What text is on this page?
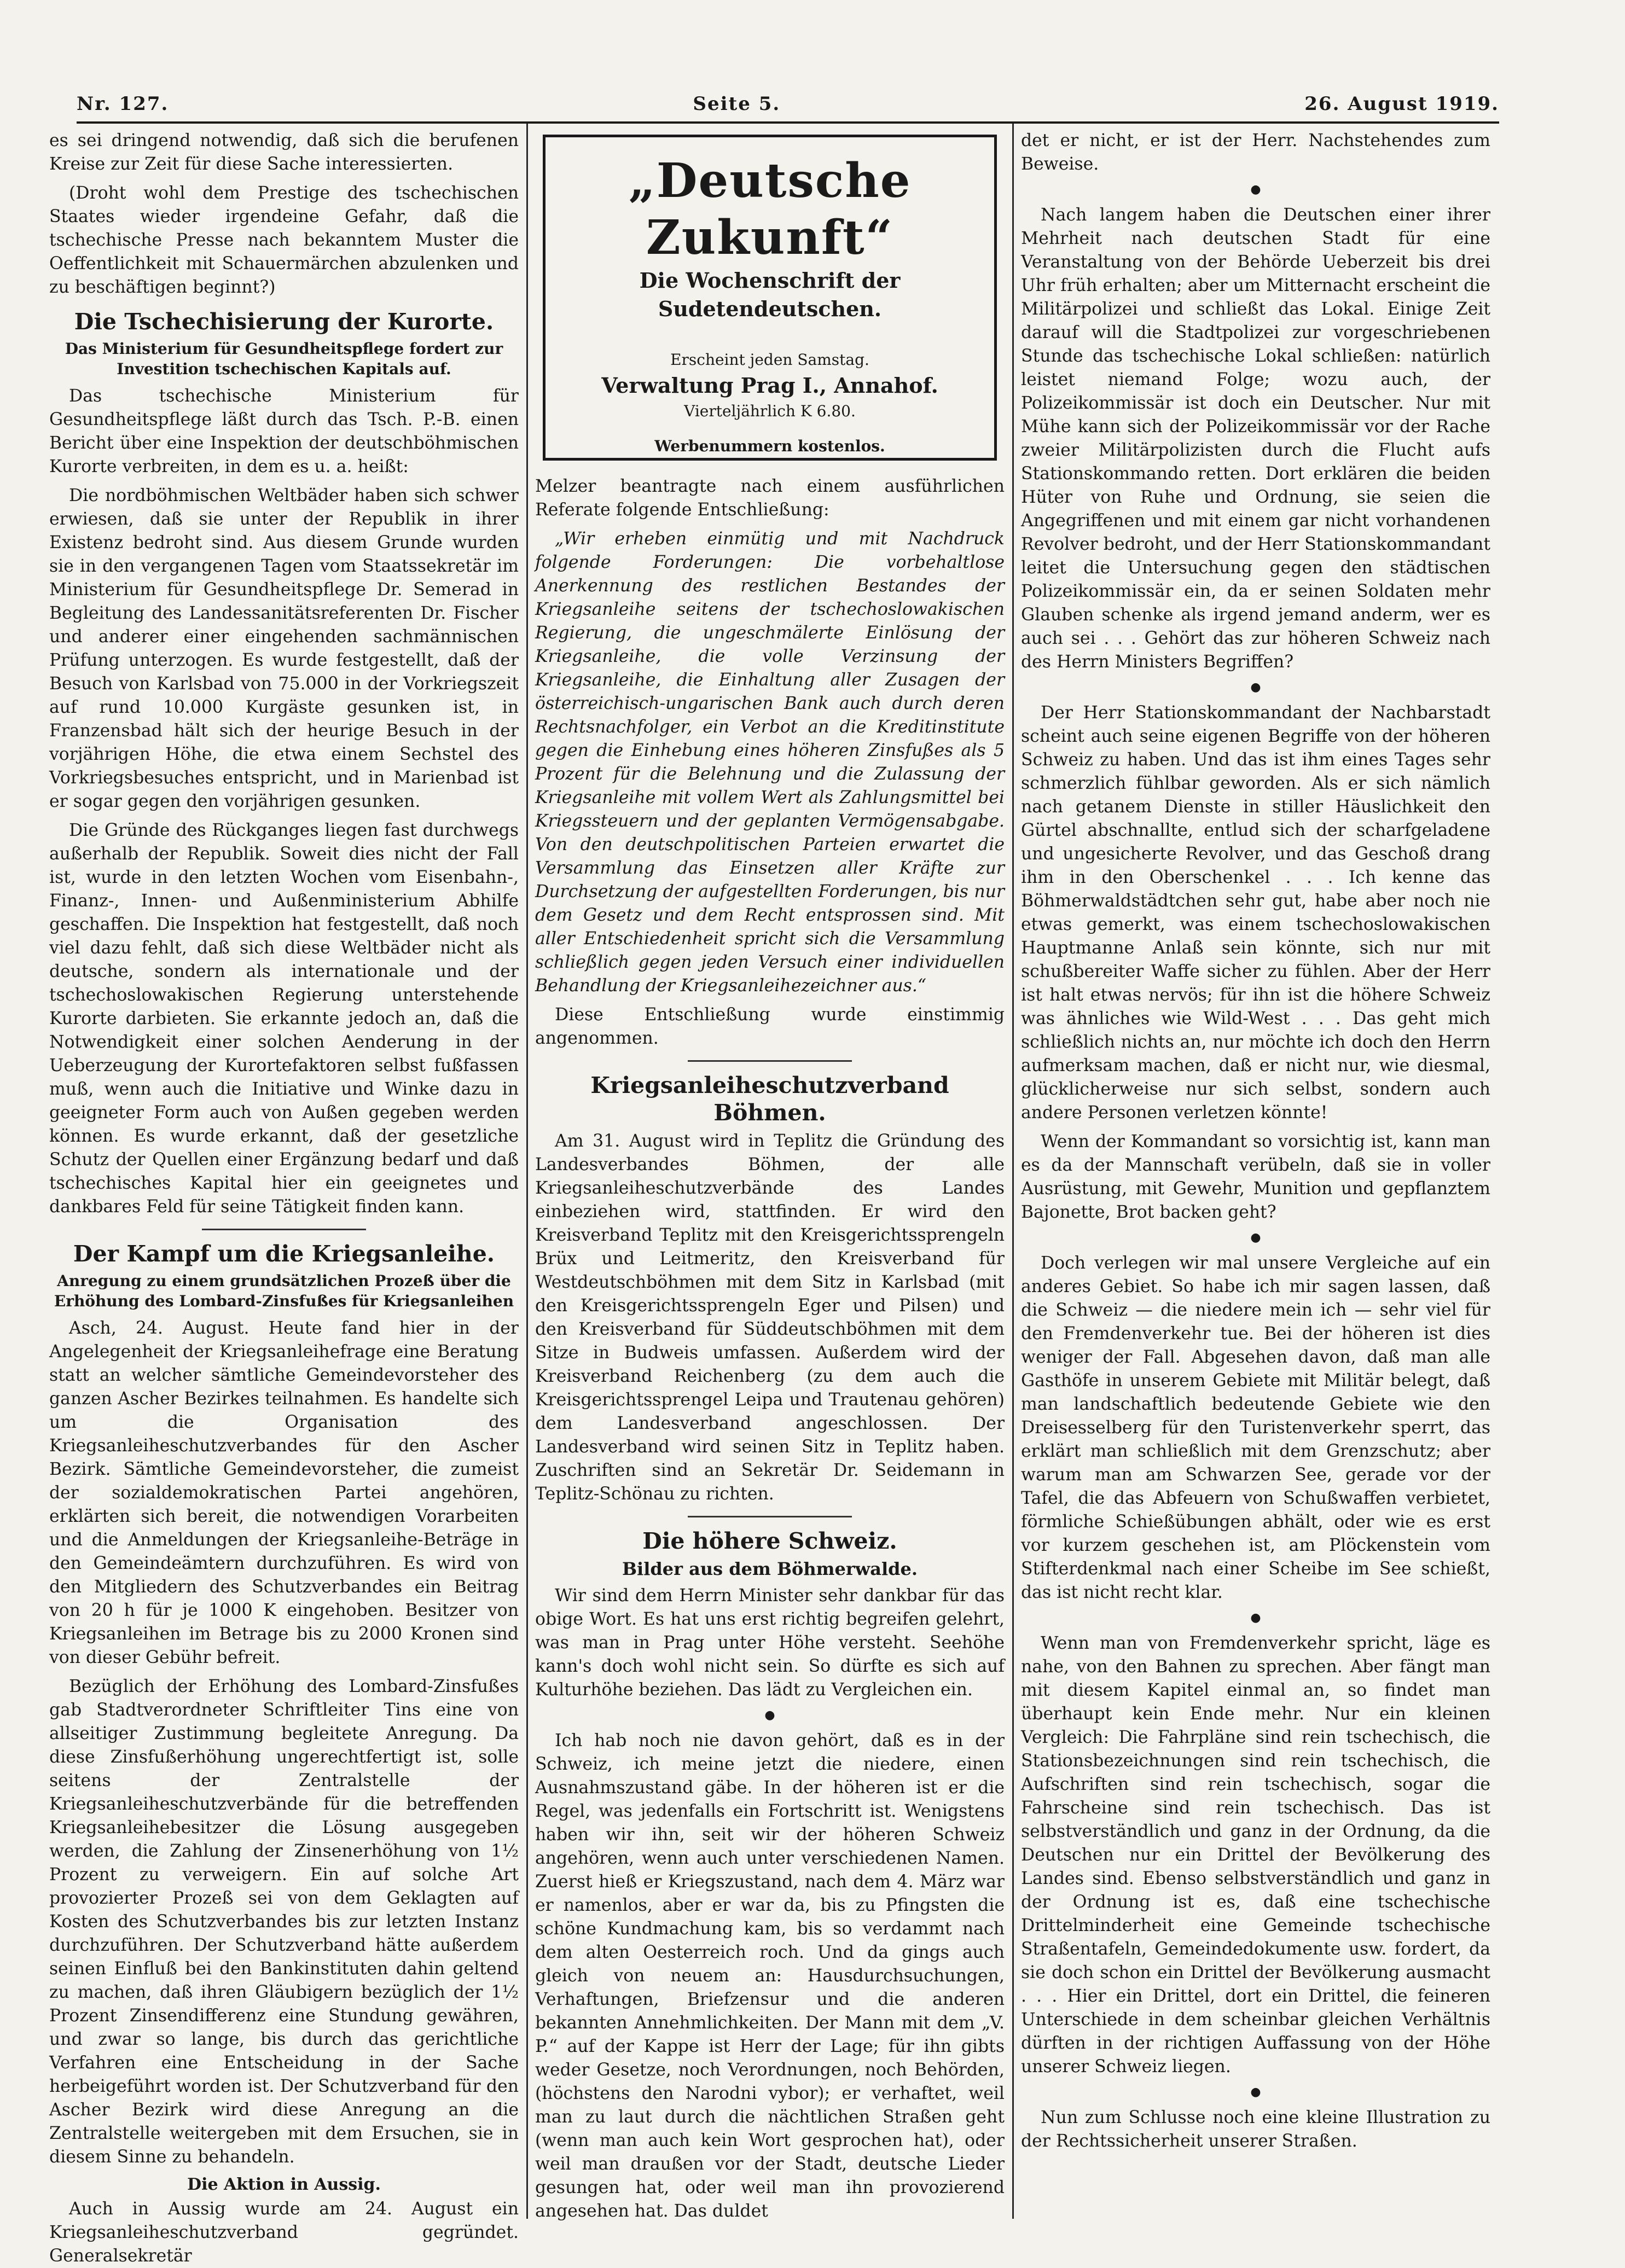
Nr. 127.	Seite 5.	26. August 1919.

es sei dringend notwendig, daß sich die berufenen Kreise zur Zeit für diese Sache interessierten.

(Droht wohl dem Prestige des tschechischen Staates wieder irgendeine Gefahr, daß die tschechische Presse nach bekanntem Muster die Oeffentlichkeit mit Schauermärchen abzulenken und zu beschäftigen beginnt?)

Die Tschechisierung der Kurorte.
Das Ministerium für Gesundheitspflege fordert zur Investition tschechischen Kapitals auf.

Das tschechische Ministerium für Gesundheitspflege läßt durch das Tsch. P.-B. einen Bericht über eine Inspektion der deutschböhmischen Kurorte verbreiten, in dem es u. a. heißt:

Die nordböhmischen Weltbäder haben sich schwer erwiesen, daß sie unter der Republik in ihrer Existenz bedroht sind. Aus diesem Grunde wurden sie in den vergangenen Tagen vom Staatssekretär im Ministerium für Gesundheitspflege Dr. Semerad in Begleitung des Landessanitätsreferenten Dr. Fischer und anderer einer eingehenden sachmännischen Prüfung unterzogen. Es wurde festgestellt, daß der Besuch von Karlsbad von 75.000 in der Vorkriegszeit auf rund 10.000 Kurgäste gesunken ist, in Franzensbad hält sich der heurige Besuch in der vorjährigen Höhe, die etwa einem Sechstel des Vorkriegsbesuches entspricht, und in Marienbad ist er sogar gegen den vorjährigen gesunken.

Die Gründe des Rückganges liegen fast durchwegs außerhalb der Republik. Soweit dies nicht der Fall ist, wurde in den letzten Wochen vom Eisenbahn-, Finanz-, Innen- und Außenministerium Abhilfe geschaffen. Die Inspektion hat festgestellt, daß noch viel dazu fehlt, daß sich diese Weltbäder nicht als deutsche, sondern als internationale und der tschechoslowakischen Regierung unterstehende Kurorte darbieten. Sie erkannte jedoch an, daß die Notwendigkeit einer solchen Aenderung in der Ueberzeugung der Kurortefaktoren selbst fußfassen muß, wenn auch die Initiative und Winke dazu in geeigneter Form auch von Außen gegeben werden können. Es wurde erkannt, daß der gesetzliche Schutz der Quellen einer Ergänzung bedarf und daß tschechisches Kapital hier ein geeignetes und dankbares Feld für seine Tätigkeit finden kann.

Der Kampf um die Kriegsanleihe.
Anregung zu einem grundsätzlichen Prozeß über die Erhöhung des Lombard-Zinsfußes für Kriegsanleihen

Asch, 24. August. Heute fand hier in der Angelegenheit der Kriegsanleihefrage eine Beratung statt an welcher sämtliche Gemeindevorsteher des ganzen Ascher Bezirkes teilnahmen. Es handelte sich um die Organisation des Kriegsanleiheschutzverbandes für den Ascher Bezirk. Sämtliche Gemeindevorsteher, die zumeist der sozialdemokratischen Partei angehören, erklärten sich bereit, die notwendigen Vorarbeiten und die Anmeldungen der Kriegsanleihe-Beträge in den Gemeindeämtern durchzuführen. Es wird von den Mitgliedern des Schutzverbandes ein Beitrag von 20 h für je 1000 K eingehoben. Besitzer von Kriegsanleihen im Betrage bis zu 2000 Kronen sind von dieser Gebühr befreit.

Bezüglich der Erhöhung des Lombard-Zinsfußes gab Stadtverordneter Schriftleiter Tins eine von allseitiger Zustimmung begleitete Anregung. Da diese Zinsfußerhöhung ungerechtfertigt ist, solle seitens der Zentralstelle der Kriegsanleiheschutzverbände für die betreffenden Kriegsanleihebesitzer die Lösung ausgegeben werden, die Zahlung der Zinsenerhöhung von 1½ Prozent zu verweigern. Ein auf solche Art provozierter Prozeß sei von dem Geklagten auf Kosten des Schutzverbandes bis zur letzten Instanz durchzuführen. Der Schutzverband hätte außerdem seinen Einfluß bei den Bankinstituten dahin geltend zu machen, daß ihren Gläubigern bezüglich der 1½ Prozent Zinsendifferenz eine Stundung gewähren, und zwar so lange, bis durch das gerichtliche Verfahren eine Entscheidung in der Sache herbeigeführt worden ist. Der Schutzverband für den Ascher Bezirk wird diese Anregung an die Zentralstelle weitergeben mit dem Ersuchen, sie in diesem Sinne zu behandeln.

Die Aktion in Aussig.

Auch in Aussig wurde am 24. August ein Kriegsanleiheschutzverband gegründet. Generalsekretär

„Deutsche Zukunft“
Die Wochenschrift der Sudetendeutschen.
Erscheint jeden Samstag.
Verwaltung Prag I., Annahof.
Vierteljährlich K 6.80.
Werbenummern kostenlos.

Melzer beantragte nach einem ausführlichen Referate folgende Entschließung:

„Wir erheben einmütig und mit Nachdruck folgende Forderungen: Die vorbehaltlose Anerkennung des restlichen Bestandes der Kriegsanleihe seitens der tschechoslowakischen Regierung, die ungeschmälerte Einlösung der Kriegsanleihe, die volle Verzinsung der Kriegsanleihe, die Einhaltung aller Zusagen der österreichisch-ungarischen Bank auch durch deren Rechtsnachfolger, ein Verbot an die Kreditinstitute gegen die Einhebung eines höheren Zinsfußes als 5 Prozent für die Belehnung und die Zulassung der Kriegsanleihe mit vollem Wert als Zahlungsmittel bei Kriegssteuern und der geplanten Vermögensabgabe. Von den deutschpolitischen Parteien erwartet die Versammlung das Einsetzen aller Kräfte zur Durchsetzung der aufgestellten Forderungen, bis nur dem Gesetz und dem Recht entsprossen sind. Mit aller Entschiedenheit spricht sich die Versammlung schließlich gegen jeden Versuch einer individuellen Behandlung der Kriegsanleihezeichner aus.“

Diese Entschließung wurde einstimmig angenommen.

Kriegsanleiheschutzverband Böhmen.

Am 31. August wird in Teplitz die Gründung des Landesverbandes Böhmen, der alle Kriegsanleiheschutzverbände des Landes einbeziehen wird, stattfinden. Er wird den Kreisverband Teplitz mit den Kreisgerichtssprengeln Brüx und Leitmeritz, den Kreisverband für Westdeutschböhmen mit dem Sitz in Karlsbad (mit den Kreisgerichtssprengeln Eger und Pilsen) und den Kreisverband für Süddeutschböhmen mit dem Sitze in Budweis umfassen. Außerdem wird der Kreisverband Reichenberg (zu dem auch die Kreisgerichtssprengel Leipa und Trautenau gehören) dem Landesverband angeschlossen. Der Landesverband wird seinen Sitz in Teplitz haben. Zuschriften sind an Sekretär Dr. Seidemann in Teplitz-Schönau zu richten.

Die höhere Schweiz.
Bilder aus dem Böhmerwalde.

Wir sind dem Herrn Minister sehr dankbar für das obige Wort. Es hat uns erst richtig begreifen gelehrt, was man in Prag unter Höhe versteht. Seehöhe kann's doch wohl nicht sein. So dürfte es sich auf Kulturhöhe beziehen. Das lädt zu Vergleichen ein.

●

Ich hab noch nie davon gehört, daß es in der Schweiz, ich meine jetzt die niedere, einen Ausnahmszustand gäbe. In der höheren ist er die Regel, was jedenfalls ein Fortschritt ist. Wenigstens haben wir ihn, seit wir der höheren Schweiz angehören, wenn auch unter verschiedenen Namen. Zuerst hieß er Kriegszustand, nach dem 4. März war er namenlos, aber er war da, bis zu Pfingsten die schöne Kundmachung kam, bis so verdammt nach dem alten Oesterreich roch. Und da gings auch gleich von neuem an: Hausdurchsuchungen, Verhaftungen, Briefzensur und die anderen bekannten Annehmlichkeiten. Der Mann mit dem „V. P.“ auf der Kappe ist Herr der Lage; für ihn gibts weder Gesetze, noch Verordnungen, noch Behörden, (höchstens den Narodni vybor); er verhaftet, weil man zu laut durch die nächtlichen Straßen geht (wenn man auch kein Wort gesprochen hat), oder weil man draußen vor der Stadt, deutsche Lieder gesungen hat, oder weil man ihn provozierend angesehen hat. Das duldet

det er nicht, er ist der Herr. Nachstehendes zum Beweise.

●

Nach langem haben die Deutschen einer ihrer Mehrheit nach deutschen Stadt für eine Veranstaltung von der Behörde Ueberzeit bis drei Uhr früh erhalten; aber um Mitternacht erscheint die Militärpolizei und schließt das Lokal. Einige Zeit darauf will die Stadtpolizei zur vorgeschriebenen Stunde das tschechische Lokal schließen: natürlich leistet niemand Folge; wozu auch, der Polizeikommissär ist doch ein Deutscher. Nur mit Mühe kann sich der Polizeikommissär vor der Rache zweier Militärpolizisten durch die Flucht aufs Stationskommando retten. Dort erklären die beiden Hüter von Ruhe und Ordnung, sie seien die Angegriffenen und mit einem gar nicht vorhandenen Revolver bedroht, und der Herr Stationskommandant leitet die Untersuchung gegen den städtischen Polizeikommissär ein, da er seinen Soldaten mehr Glauben schenke als irgend jemand anderm, wer es auch sei . . . Gehört das zur höheren Schweiz nach des Herrn Ministers Begriffen?

●

Der Herr Stationskommandant der Nachbarstadt scheint auch seine eigenen Begriffe von der höheren Schweiz zu haben. Und das ist ihm eines Tages sehr schmerzlich fühlbar geworden. Als er sich nämlich nach getanem Dienste in stiller Häuslichkeit den Gürtel abschnallte, entlud sich der scharfgeladene und ungesicherte Revolver, und das Geschoß drang ihm in den Oberschenkel . . . Ich kenne das Böhmerwaldstädtchen sehr gut, habe aber noch nie etwas gemerkt, was einem tschechoslowakischen Hauptmanne Anlaß sein könnte, sich nur mit schußbereiter Waffe sicher zu fühlen. Aber der Herr ist halt etwas nervös; für ihn ist die höhere Schweiz was ähnliches wie Wild-West . . . Das geht mich schließlich nichts an, nur möchte ich doch den Herrn aufmerksam machen, daß er nicht nur, wie diesmal, glücklicherweise nur sich selbst, sondern auch andere Personen verletzen könnte!

Wenn der Kommandant so vorsichtig ist, kann man es da der Mannschaft verübeln, daß sie in voller Ausrüstung, mit Gewehr, Munition und gepflanztem Bajonette, Brot backen geht?

●

Doch verlegen wir mal unsere Vergleiche auf ein anderes Gebiet. So habe ich mir sagen lassen, daß die Schweiz — die niedere mein ich — sehr viel für den Fremdenverkehr tue. Bei der höheren ist dies weniger der Fall. Abgesehen davon, daß man alle Gasthöfe in unserem Gebiete mit Militär belegt, daß man landschaftlich bedeutende Gebiete wie den Dreisesselberg für den Turistenverkehr sperrt, das erklärt man schließlich mit dem Grenzschutz; aber warum man am Schwarzen See, gerade vor der Tafel, die das Abfeuern von Schußwaffen verbietet, förmliche Schießübungen abhält, oder wie es erst vor kurzem geschehen ist, am Plöckenstein vom Stifterdenkmal nach einer Scheibe im See schießt, das ist nicht recht klar.

●

Wenn man von Fremdenverkehr spricht, läge es nahe, von den Bahnen zu sprechen. Aber fängt man mit diesem Kapitel einmal an, so findet man überhaupt kein Ende mehr. Nur ein kleinen Vergleich: Die Fahrpläne sind rein tschechisch, die Stationsbezeichnungen sind rein tschechisch, die Aufschriften sind rein tschechisch, sogar die Fahrscheine sind rein tschechisch. Das ist selbstverständlich und ganz in der Ordnung, da die Deutschen nur ein Drittel der Bevölkerung des Landes sind. Ebenso selbstverständlich und ganz in der Ordnung ist es, daß eine tschechische Drittelminderheit eine Gemeinde tschechische Straßentafeln, Gemeindedokumente usw. fordert, da sie doch schon ein Drittel der Bevölkerung ausmacht . . . Hier ein Drittel, dort ein Drittel, die feineren Unterschiede in dem scheinbar gleichen Verhältnis dürften in der richtigen Auffassung von der Höhe unserer Schweiz liegen.

●

Nun zum Schlusse noch eine kleine Illustration zu der Rechtssicherheit unserer Straßen.
